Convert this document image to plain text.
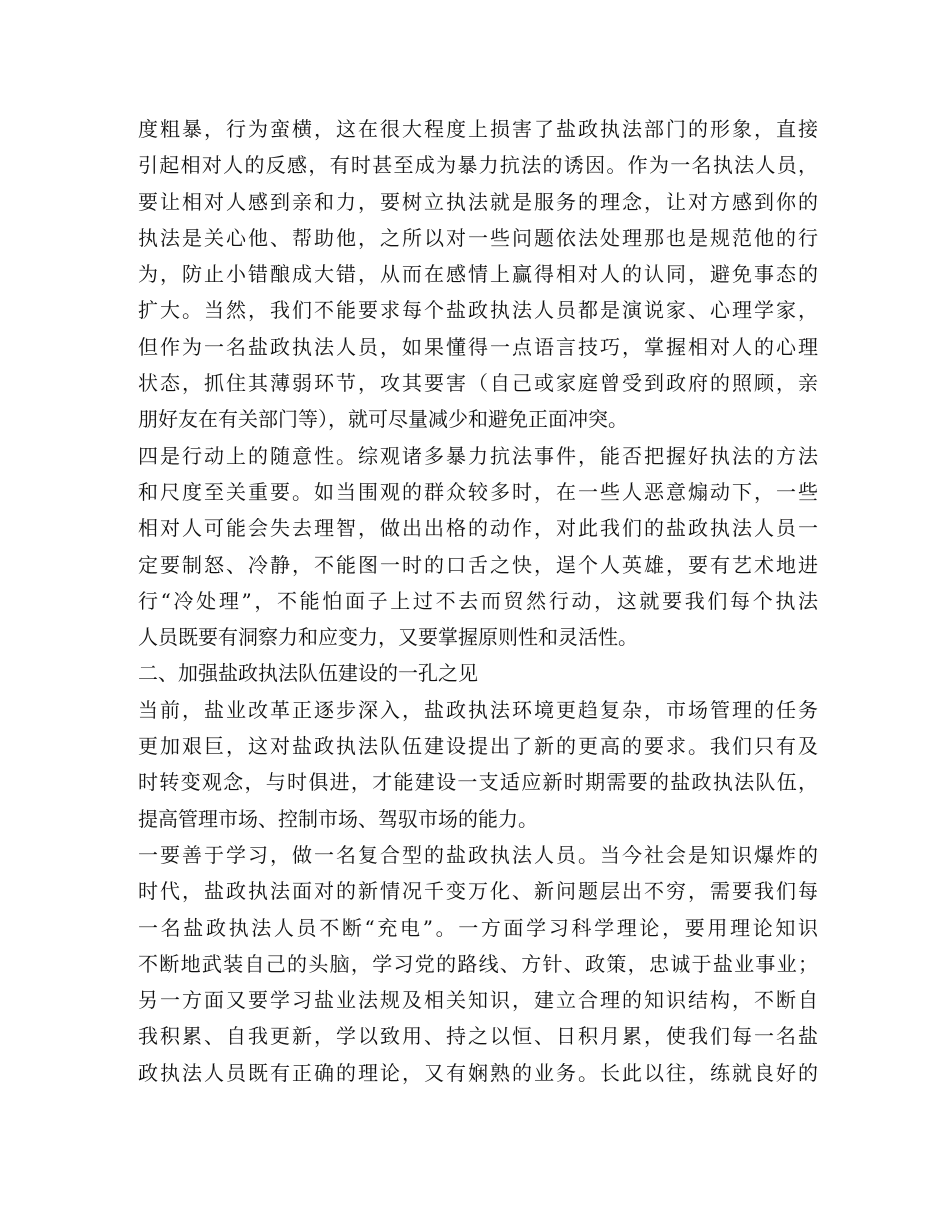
度粗暴，行为蛮横，这在很大程度上损害了盐政执法部门的形象，直接
引起相对人的反感，有时甚至成为暴力抗法的诱因。作为一名执法人员，
要让相对人感到亲和力，要树立执法就是服务的理念，让对方感到你的
执法是关心他、帮助他，之所以对一些问题依法处理那也是规范他的行
为，防止小错酿成大错，从而在感情上赢得相对人的认同，避免事态的
扩大。当然，我们不能要求每个盐政执法人员都是演说家、心理学家，
但作为一名盐政执法人员，如果懂得一点语言技巧，掌握相对人的心理
状态，抓住其薄弱环节，攻其要害（自己或家庭曾受到政府的照顾，亲
朋好友在有关部门等），就可尽量减少和避免正面冲突。
四是行动上的随意性。综观诸多暴力抗法事件，能否把握好执法的方法
和尺度至关重要。如当围观的群众较多时，在一些人恶意煽动下，一些
相对人可能会失去理智，做出出格的动作，对此我们的盐政执法人员一
定要制怒、冷静，不能图一时的口舌之快，逞个人英雄，要有艺术地进
行“冷处理”，不能怕面子上过不去而贸然行动，这就要我们每个执法
人员既要有洞察力和应变力，又要掌握原则性和灵活性。
二、加强盐政执法队伍建设的一孔之见
当前，盐业改革正逐步深入，盐政执法环境更趋复杂，市场管理的任务
更加艰巨，这对盐政执法队伍建设提出了新的更高的要求。我们只有及
时转变观念，与时俱进，才能建设一支适应新时期需要的盐政执法队伍，
提高管理市场、控制市场、驾驭市场的能力。
一要善于学习，做一名复合型的盐政执法人员。当今社会是知识爆炸的
时代，盐政执法面对的新情况千变万化、新问题层出不穷，需要我们每
一名盐政执法人员不断“充电”。一方面学习科学理论，要用理论知识
不断地武装自己的头脑，学习党的路线、方针、政策，忠诚于盐业事业；
另一方面又要学习盐业法规及相关知识，建立合理的知识结构，不断自
我积累、自我更新，学以致用、持之以恒、日积月累，使我们每一名盐
政执法人员既有正确的理论，又有娴熟的业务。长此以往，练就良好的
